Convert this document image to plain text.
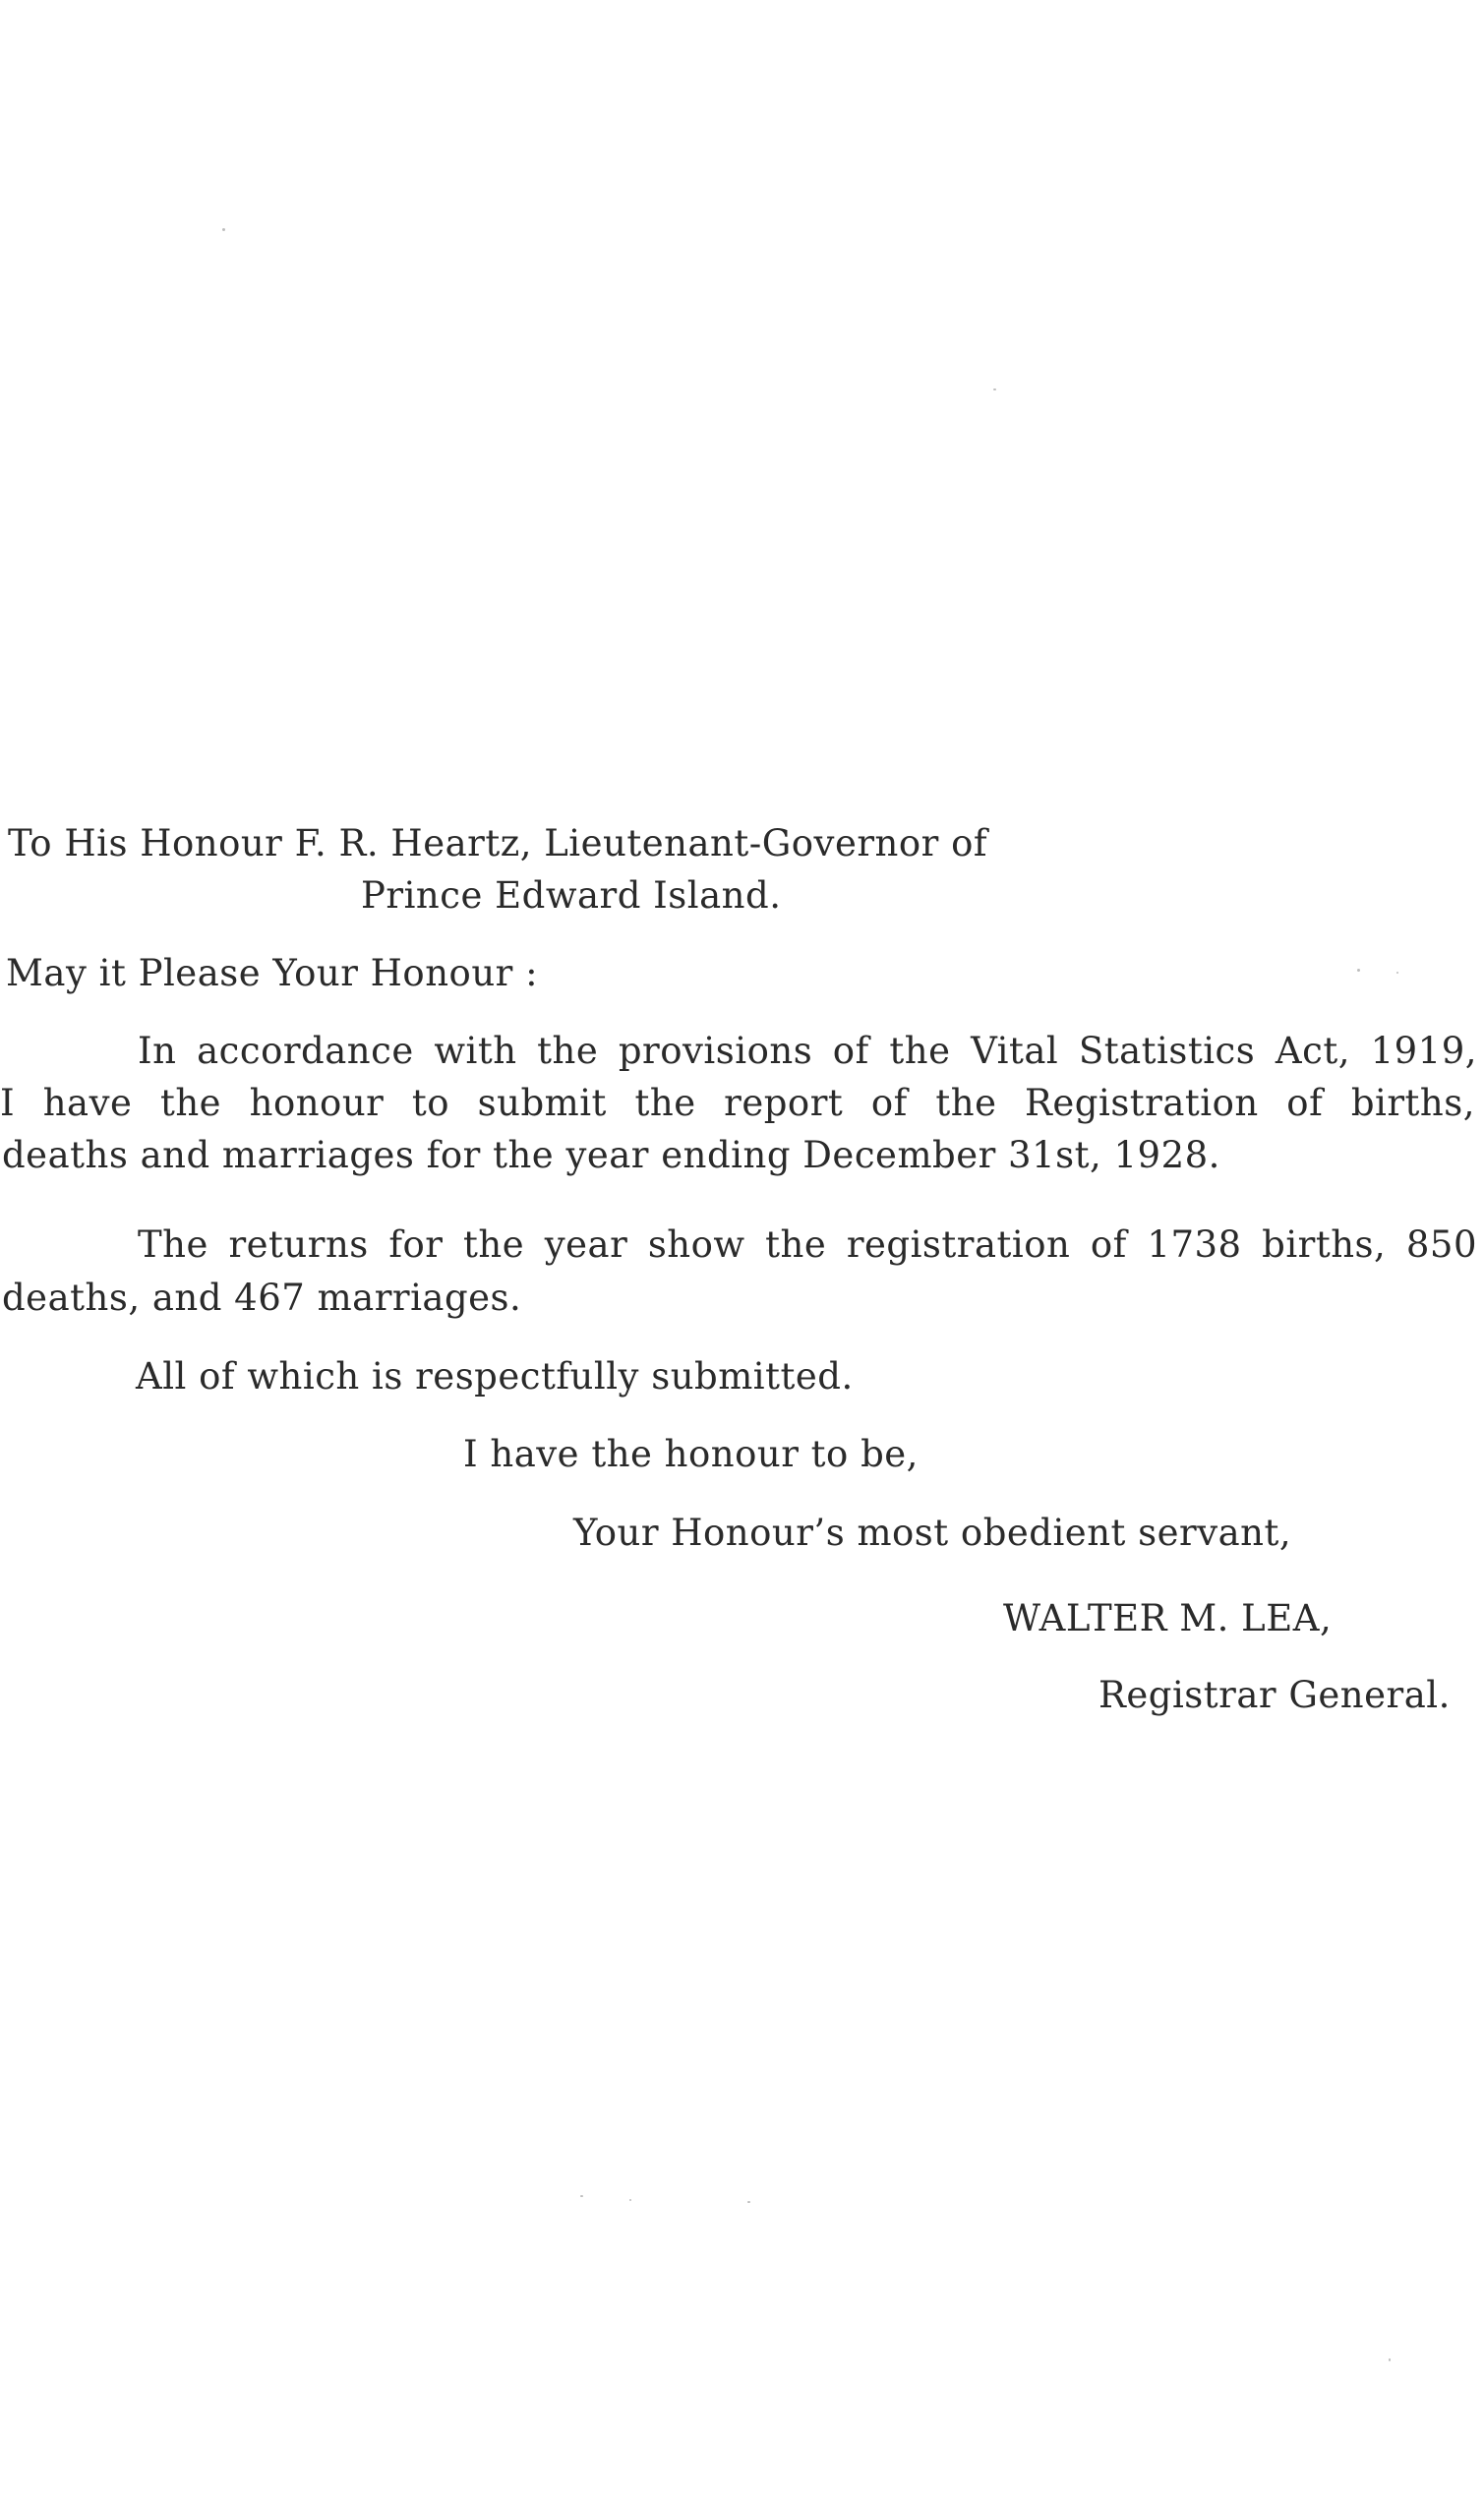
To His Honour F. R. Heartz, Lieutenant-Governor of
Prince Edward Island.
May it Please Your Honour :
In accordance with the provisions of the Vital Statistics Act, 1919,
I have the honour to submit the report of the Registration of births,
deaths and marriages for the year ending December 31st, 1928.
The returns for the year show the registration of 1738 births, 850
deaths, and 467 marriages.
All of which is respectfully submitted.
I have the honour to be,
Your Honour’s most obedient servant,
WALTER M. LEA,
Registrar General.
